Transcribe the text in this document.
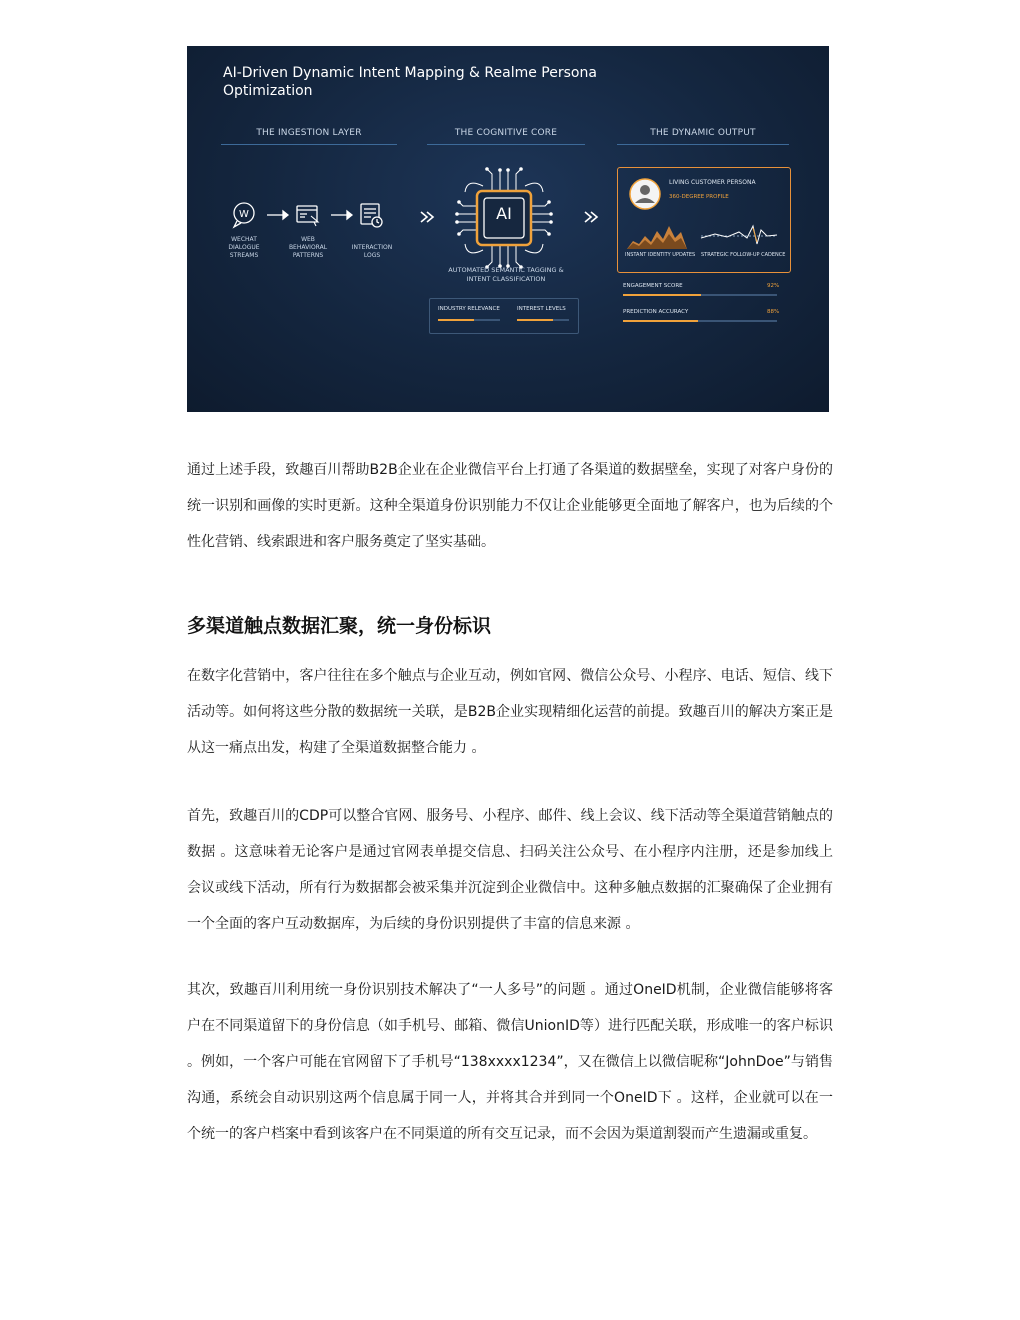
AI-Driven Dynamic Intent Mapping & Realme Persona Optimization
THE INGESTION LAYER	THE COGNITIVE CORE	THE DYNAMIC OUTPUT
W	AI
WECHAT DIALOGUE STREAMS
WEB BEHAVIORAL PATTERNS
INTERACTION LOGS
AUTOMATED SEMANTIC TAGGING & INTENT CLASSIFICATION
INDUSTRY RELEVANCE	INTEREST LEVELS
LIVING CUSTOMER PERSONA
360-DEGREE PROFILE
INSTANT IDENTITY UPDATES STRATEGIC FOLLOW-UP CADENCE
ENGAGEMENT SCORE	92%
PREDICTION ACCURACY	88%
通过上述手段，致趣百川帮助B2B企业在企业微信平台上打通了各渠道的数据壁垒，实现了对客户身份的统一识别和画像的实时更新。这种全渠道身份识别能力不仅让企业能够更全面地了解客户，也为后续的个性化营销、线索跟进和客户服务奠定了坚实基础。
多渠道触点数据汇聚，统一身份标识
在数字化营销中，客户往往在多个触点与企业互动，例如官网、微信公众号、小程序、电话、短信、线下活动等。如何将这些分散的数据统一关联，是B2B企业实现精细化运营的前提。致趣百川的解决方案正是从这一痛点出发，构建了全渠道数据整合能力 。
首先，致趣百川的CDP可以整合官网、服务号、小程序、邮件、线上会议、线下活动等全渠道营销触点的数据 。这意味着无论客户是通过官网表单提交信息、扫码关注公众号、在小程序内注册，还是参加线上会议或线下活动，所有行为数据都会被采集并沉淀到企业微信中。这种多触点数据的汇聚确保了企业拥有一个全面的客户互动数据库，为后续的身份识别提供了丰富的信息来源 。
其次，致趣百川利用统一身份识别技术解决了“一人多号”的问题 。通过OneID机制，企业微信能够将客户在不同渠道留下的身份信息（如手机号、邮箱、微信UnionID等）进行匹配关联，形成唯一的客户标识 。例如，一个客户可能在官网留下了手机号“138xxxx1234”，又在微信上以微信昵称“JohnDoe”与销售沟通，系统会自动识别这两个信息属于同一人，并将其合并到同一个OneID下 。这样，企业就可以在一个统一的客户档案中看到该客户在不同渠道的所有交互记录，而不会因为渠道割裂而产生遗漏或重复。
